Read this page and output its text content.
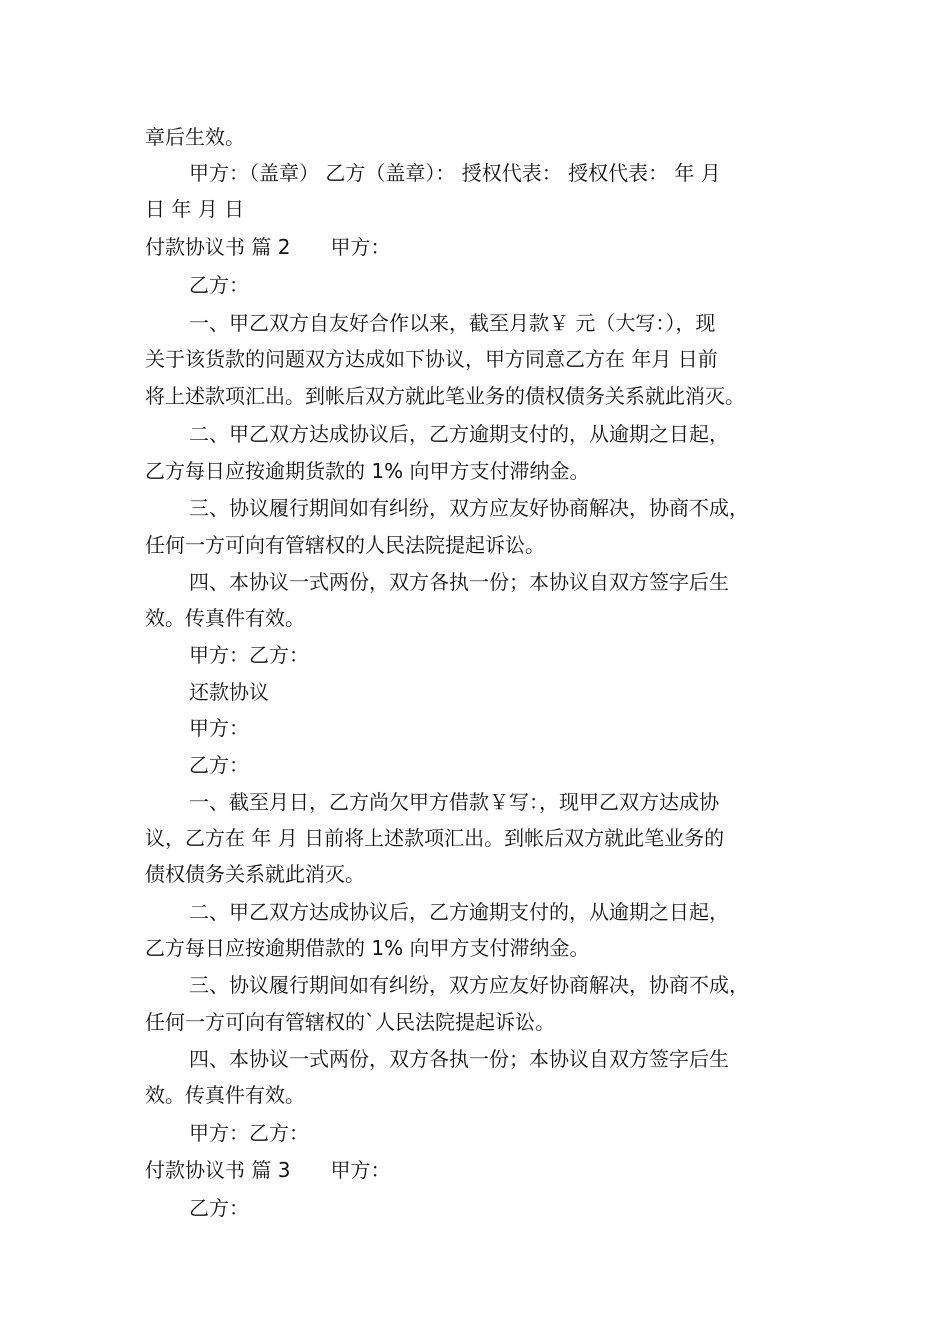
章后生效。
甲方：（盖章） 乙方（盖章）： 授权代表： 授权代表： 年 月
日 年 月 日
付款协议书 篇 2　　甲方：
乙方：
一、甲乙双方自友好合作以来，截至月款￥ 元（大写：），现
关于该货款的问题双方达成如下协议，甲方同意乙方在 年月 日前
将上述款项汇出。到帐后双方就此笔业务的债权债务关系就此消灭。
二、甲乙双方达成协议后，乙方逾期支付的，从逾期之日起，
乙方每日应按逾期货款的 1% 向甲方支付滞纳金。
三、协议履行期间如有纠纷，双方应友好协商解决，协商不成，
任何一方可向有管辖权的人民法院提起诉讼。
四、本协议一式两份，双方各执一份；本协议自双方签字后生
效。传真件有效。
甲方：乙方：
还款协议
甲方：
乙方：
一、截至月日，乙方尚欠甲方借款￥写：，现甲乙双方达成协
议，乙方在 年 月 日前将上述款项汇出。到帐后双方就此笔业务的
债权债务关系就此消灭。
二、甲乙双方达成协议后，乙方逾期支付的，从逾期之日起，
乙方每日应按逾期借款的 1% 向甲方支付滞纳金。
三、协议履行期间如有纠纷，双方应友好协商解决，协商不成，
任何一方可向有管辖权的`人民法院提起诉讼。
四、本协议一式两份，双方各执一份；本协议自双方签字后生
效。传真件有效。
甲方：乙方：
付款协议书 篇 3　　甲方：
乙方：
